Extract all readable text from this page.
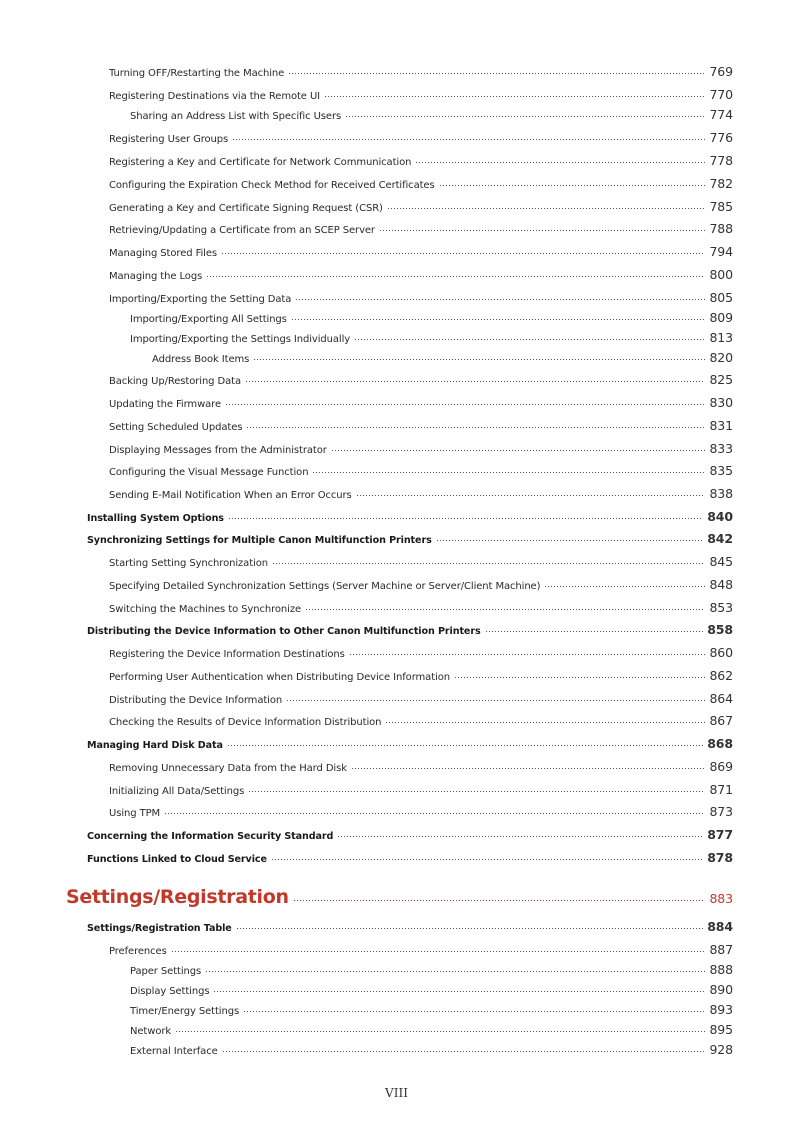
Turning OFF/Restarting the Machine	769
Registering Destinations via the Remote UI	770
Sharing an Address List with Specific Users	774
Registering User Groups	776
Registering a Key and Certificate for Network Communication	778
Configuring the Expiration Check Method for Received Certificates	782
Generating a Key and Certificate Signing Request (CSR)	785
Retrieving/Updating a Certificate from an SCEP Server	788
Managing Stored Files	794
Managing the Logs	800
Importing/Exporting the Setting Data	805
Importing/Exporting All Settings	809
Importing/Exporting the Settings Individually	813
Address Book Items	820
Backing Up/Restoring Data	825
Updating the Firmware	830
Setting Scheduled Updates	831
Displaying Messages from the Administrator	833
Configuring the Visual Message Function	835
Sending E-Mail Notification When an Error Occurs	838
Installing System Options	840
Synchronizing Settings for Multiple Canon Multifunction Printers	842
Starting Setting Synchronization	845
Specifying Detailed Synchronization Settings (Server Machine or Server/Client Machine)	848
Switching the Machines to Synchronize	853
Distributing the Device Information to Other Canon Multifunction Printers	858
Registering the Device Information Destinations	860
Performing User Authentication when Distributing Device Information	862
Distributing the Device Information	864
Checking the Results of Device Information Distribution	867
Managing Hard Disk Data	868
Removing Unnecessary Data from the Hard Disk	869
Initializing All Data/Settings	871
Using TPM	873
Concerning the Information Security Standard	877
Functions Linked to Cloud Service	878
Settings/Registration	883
Settings/Registration Table	884
Preferences	887
Paper Settings	888
Display Settings	890
Timer/Energy Settings	893
Network	895
External Interface	928
VIII
